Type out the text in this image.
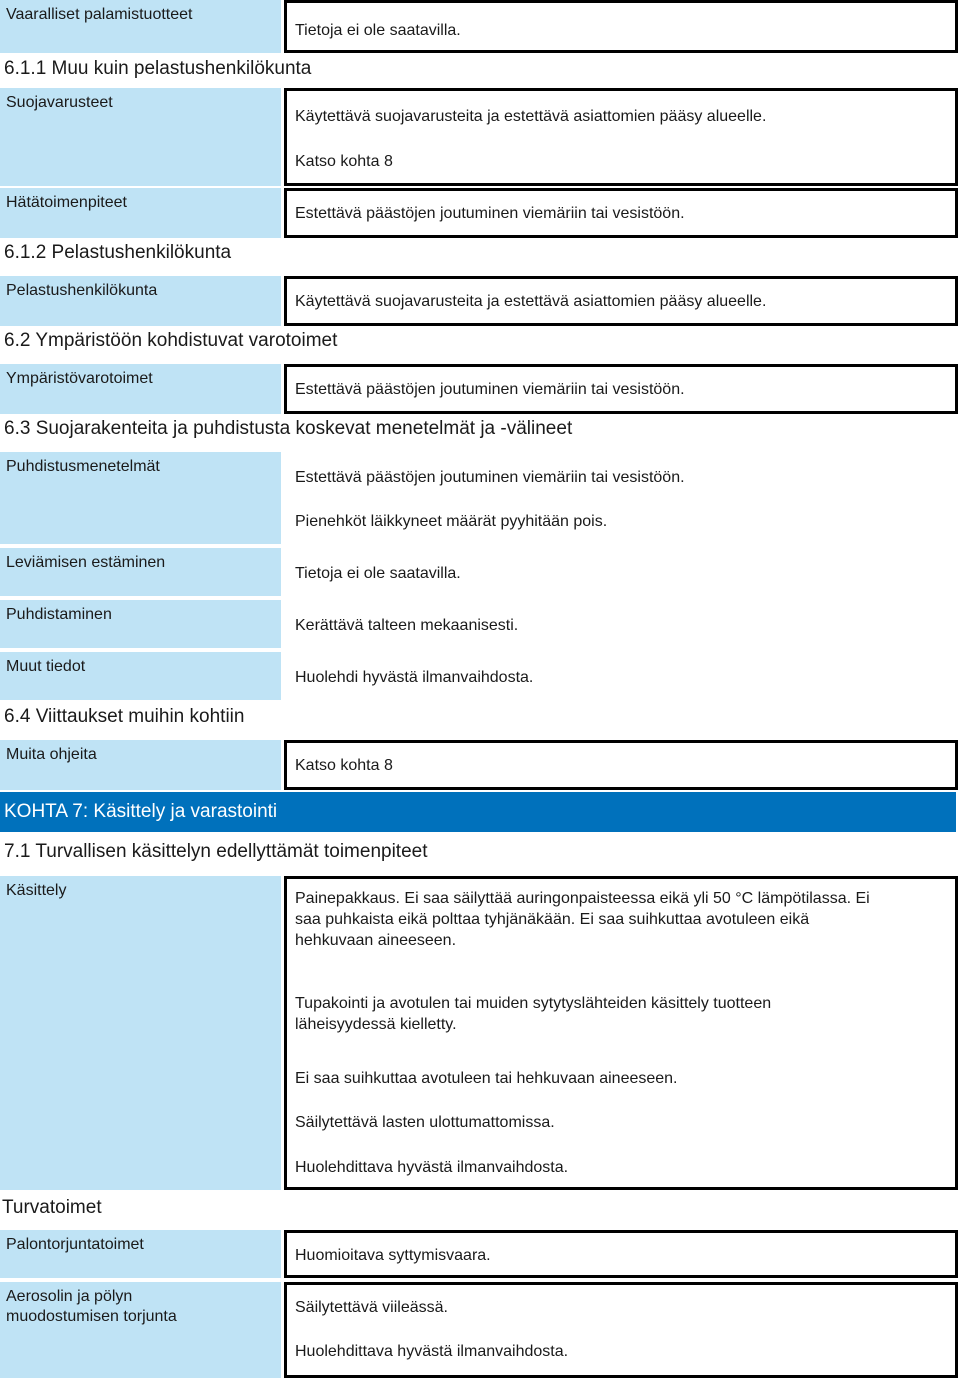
Vaaralliset palamistuotteet
Tietoja ei ole saatavilla.
6.1.1 Muu kuin pelastushenkilökunta
Suojavarusteet
Käytettävä suojavarusteita ja estettävä asiattomien pääsy alueelle.
Katso kohta 8
Hätätoimenpiteet
Estettävä päästöjen joutuminen viemäriin tai vesistöön.
6.1.2 Pelastushenkilökunta
Pelastushenkilökunta
Käytettävä suojavarusteita ja estettävä asiattomien pääsy alueelle.
6.2 Ympäristöön kohdistuvat varotoimet
Ympäristövarotoimet
Estettävä päästöjen joutuminen viemäriin tai vesistöön.
6.3 Suojarakenteita ja puhdistusta koskevat menetelmät ja -välineet
Puhdistusmenetelmät
Estettävä päästöjen joutuminen viemäriin tai vesistöön.
Pienehköt läikkyneet määrät pyyhitään pois.
Leviämisen estäminen
Tietoja ei ole saatavilla.
Puhdistaminen
Kerättävä talteen mekaanisesti.
Muut tiedot
Huolehdi hyvästä ilmanvaihdosta.
6.4 Viittaukset muihin kohtiin
Muita ohjeita
Katso kohta 8
KOHTA 7: Käsittely ja varastointi
7.1 Turvallisen käsittelyn edellyttämät toimenpiteet
Käsittely	Painepakkaus. Ei saa säilyttää auringonpaisteessa eikä yli 50 °C lämpötilassa. Ei
saa puhkaista eikä polttaa tyhjänäkään. Ei saa suihkuttaa avotuleen eikä
hehkuvaan aineeseen.
Tupakointi ja avotulen tai muiden sytytyslähteiden käsittely tuotteen
läheisyydessä kielletty.
Ei saa suihkuttaa avotuleen tai hehkuvaan aineeseen.
Säilytettävä lasten ulottumattomissa.
Huolehdittava hyvästä ilmanvaihdosta.
Turvatoimet
Palontorjuntatoimet
Huomioitava syttymisvaara.
Aerosolin ja pölyn
muodostumisen torjunta
Säilytettävä viileässä.
Huolehdittava hyvästä ilmanvaihdosta.
